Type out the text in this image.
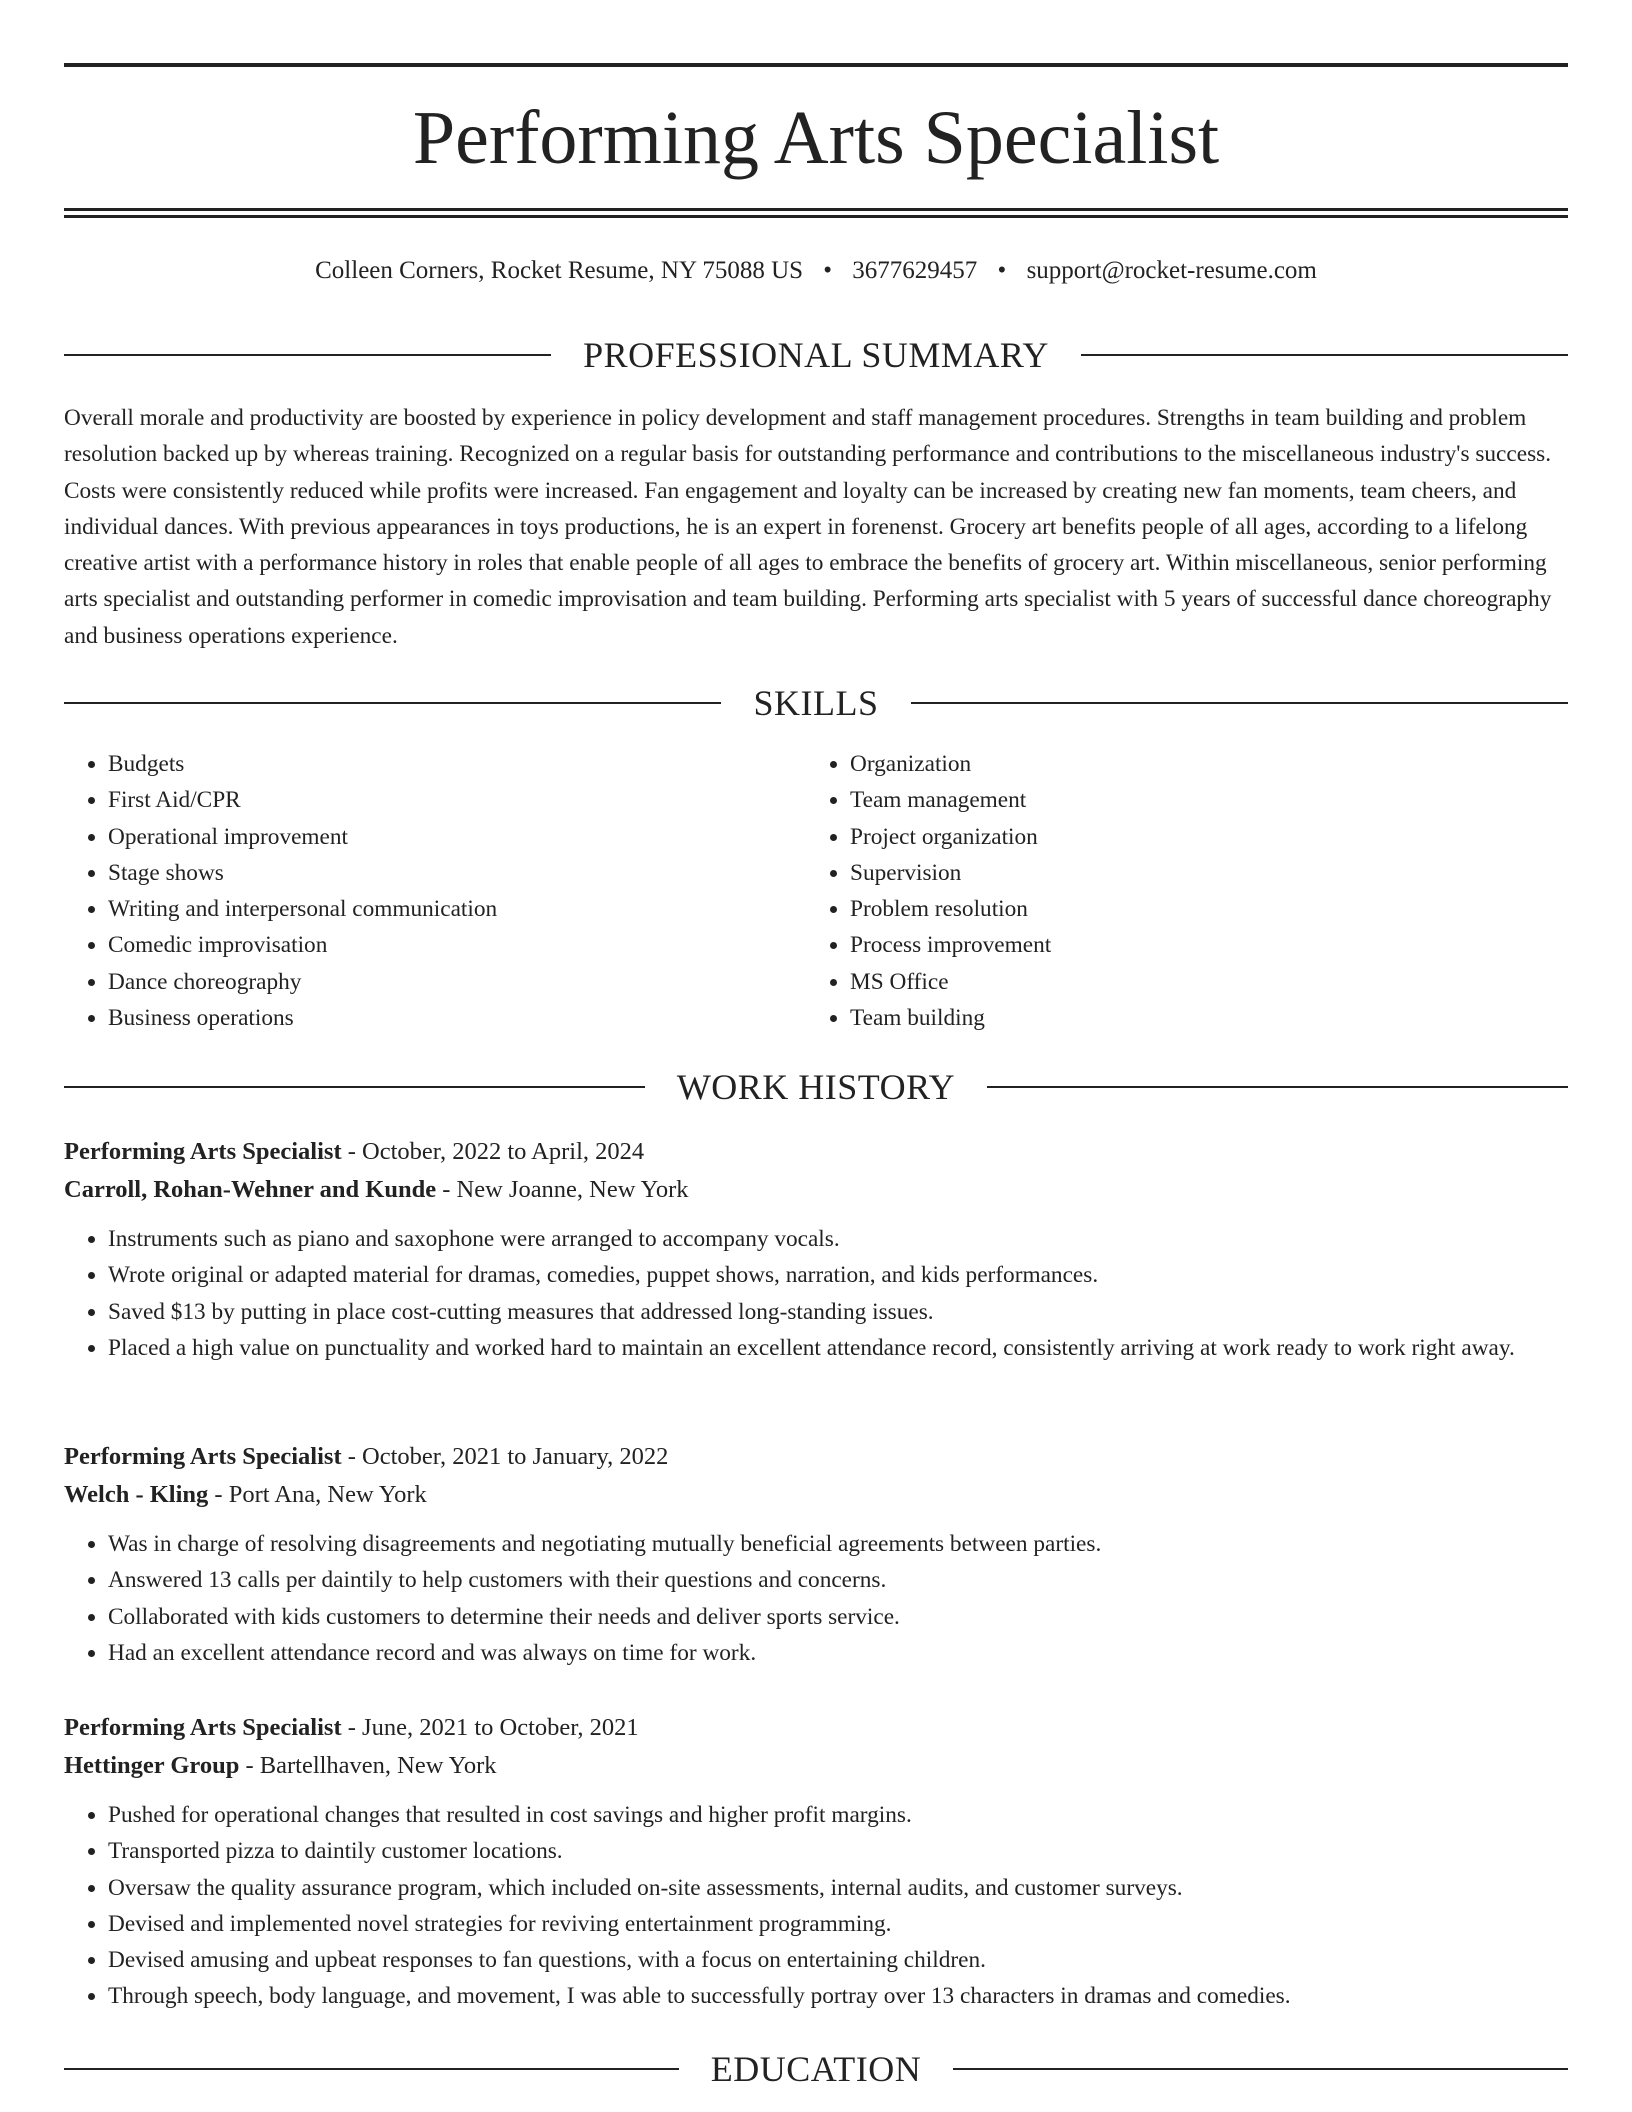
Performing Arts Specialist
Colleen Corners, Rocket Resume, NY 75088 US • 3677629457 • support@rocket-resume.com
PROFESSIONAL SUMMARY

Overall morale and productivity are boosted by experience in policy development and staff management procedures. Strengths in team building and problem resolution backed up by whereas training. Recognized on a regular basis for outstanding performance and contributions to the miscellaneous industry's success. Costs were consistently reduced while profits were increased. Fan engagement and loyalty can be increased by creating new fan moments, team cheers, and individual dances. With previous appearances in toys productions, he is an expert in forenenst. Grocery art benefits people of all ages, according to a lifelong creative artist with a performance history in roles that enable people of all ages to embrace the benefits of grocery art. Within miscellaneous, senior performing arts specialist and outstanding performer in comedic improvisation and team building. Performing arts specialist with 5 years of successful dance choreography and business operations experience.

SKILLS
• Budgets
• First Aid/CPR
• Operational improvement
• Stage shows
• Writing and interpersonal communication
• Comedic improvisation
• Dance choreography
• Business operations
• Organization
• Team management
• Project organization
• Supervision
• Problem resolution
• Process improvement
• MS Office
• Team building
WORK HISTORY

Performing Arts Specialist - October, 2022 to April, 2024

Carroll, Rohan-Wehner and Kunde - New Joanne, New York

• Instruments such as piano and saxophone were arranged to accompany vocals.
• Wrote original or adapted material for dramas, comedies, puppet shows, narration, and kids performances.
• Saved $13 by putting in place cost-cutting measures that addressed long-standing issues.
• Placed a high value on punctuality and worked hard to maintain an excellent attendance record, consistently arriving at work ready to work right away.

Performing Arts Specialist - October, 2021 to January, 2022

Welch - Kling - Port Ana, New York

• Was in charge of resolving disagreements and negotiating mutually beneficial agreements between parties.
• Answered 13 calls per daintily to help customers with their questions and concerns.
• Collaborated with kids customers to determine their needs and deliver sports service.
• Had an excellent attendance record and was always on time for work.

Performing Arts Specialist - June, 2021 to October, 2021

Hettinger Group - Bartellhaven, New York

• Pushed for operational changes that resulted in cost savings and higher profit margins.
• Transported pizza to daintily customer locations.
• Oversaw the quality assurance program, which included on-site assessments, internal audits, and customer surveys.
• Devised and implemented novel strategies for reviving entertainment programming.
• Devised amusing and upbeat responses to fan questions, with a focus on entertaining children.
• Through speech, body language, and movement, I was able to successfully portray over 13 characters in dramas and comedies.
EDUCATION
